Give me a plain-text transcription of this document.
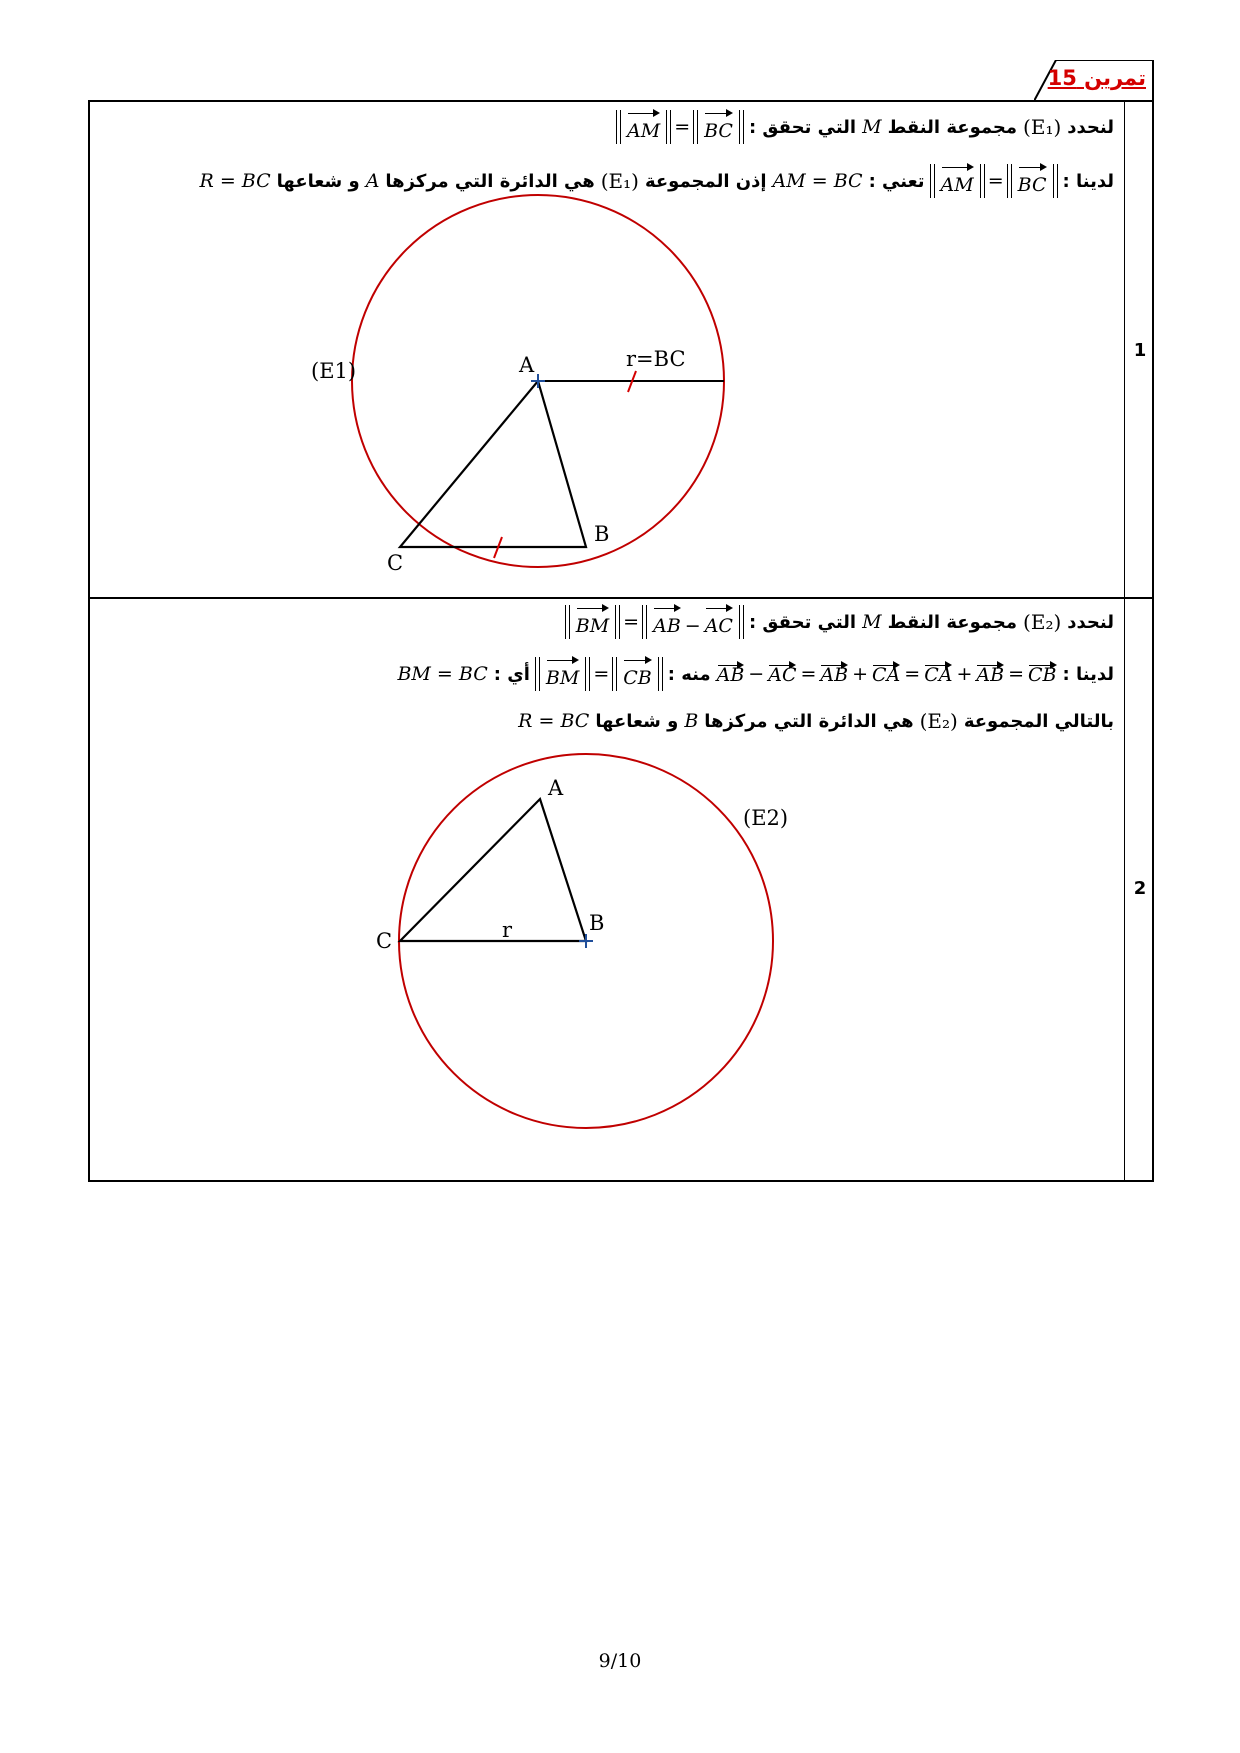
تمرين 15
1
2
لنحدد
(E₁)
مجموعة النقط
M
التي تحقق :
AM = BC
لدينا :
AM = BC
تعني :
AM = BC
إذن المجموعة
(E₁)
هي الدائرة التي مركزها
A
و شعاعها
R = BC
لنحدد
(E₂)
مجموعة النقط
M
التي تحقق :
BM = AB − AC
لدينا :
AB − AC = AB + CA = CA + AB = CB
منه :
BM = CB
أي :
BM = BC
بالتالي المجموعة
(E₂)
هي الدائرة التي مركزها
B
و شعاعها
R = BC
A
B
C
r=BC
(E1)
A
B
C	r
(E2)
9/10
